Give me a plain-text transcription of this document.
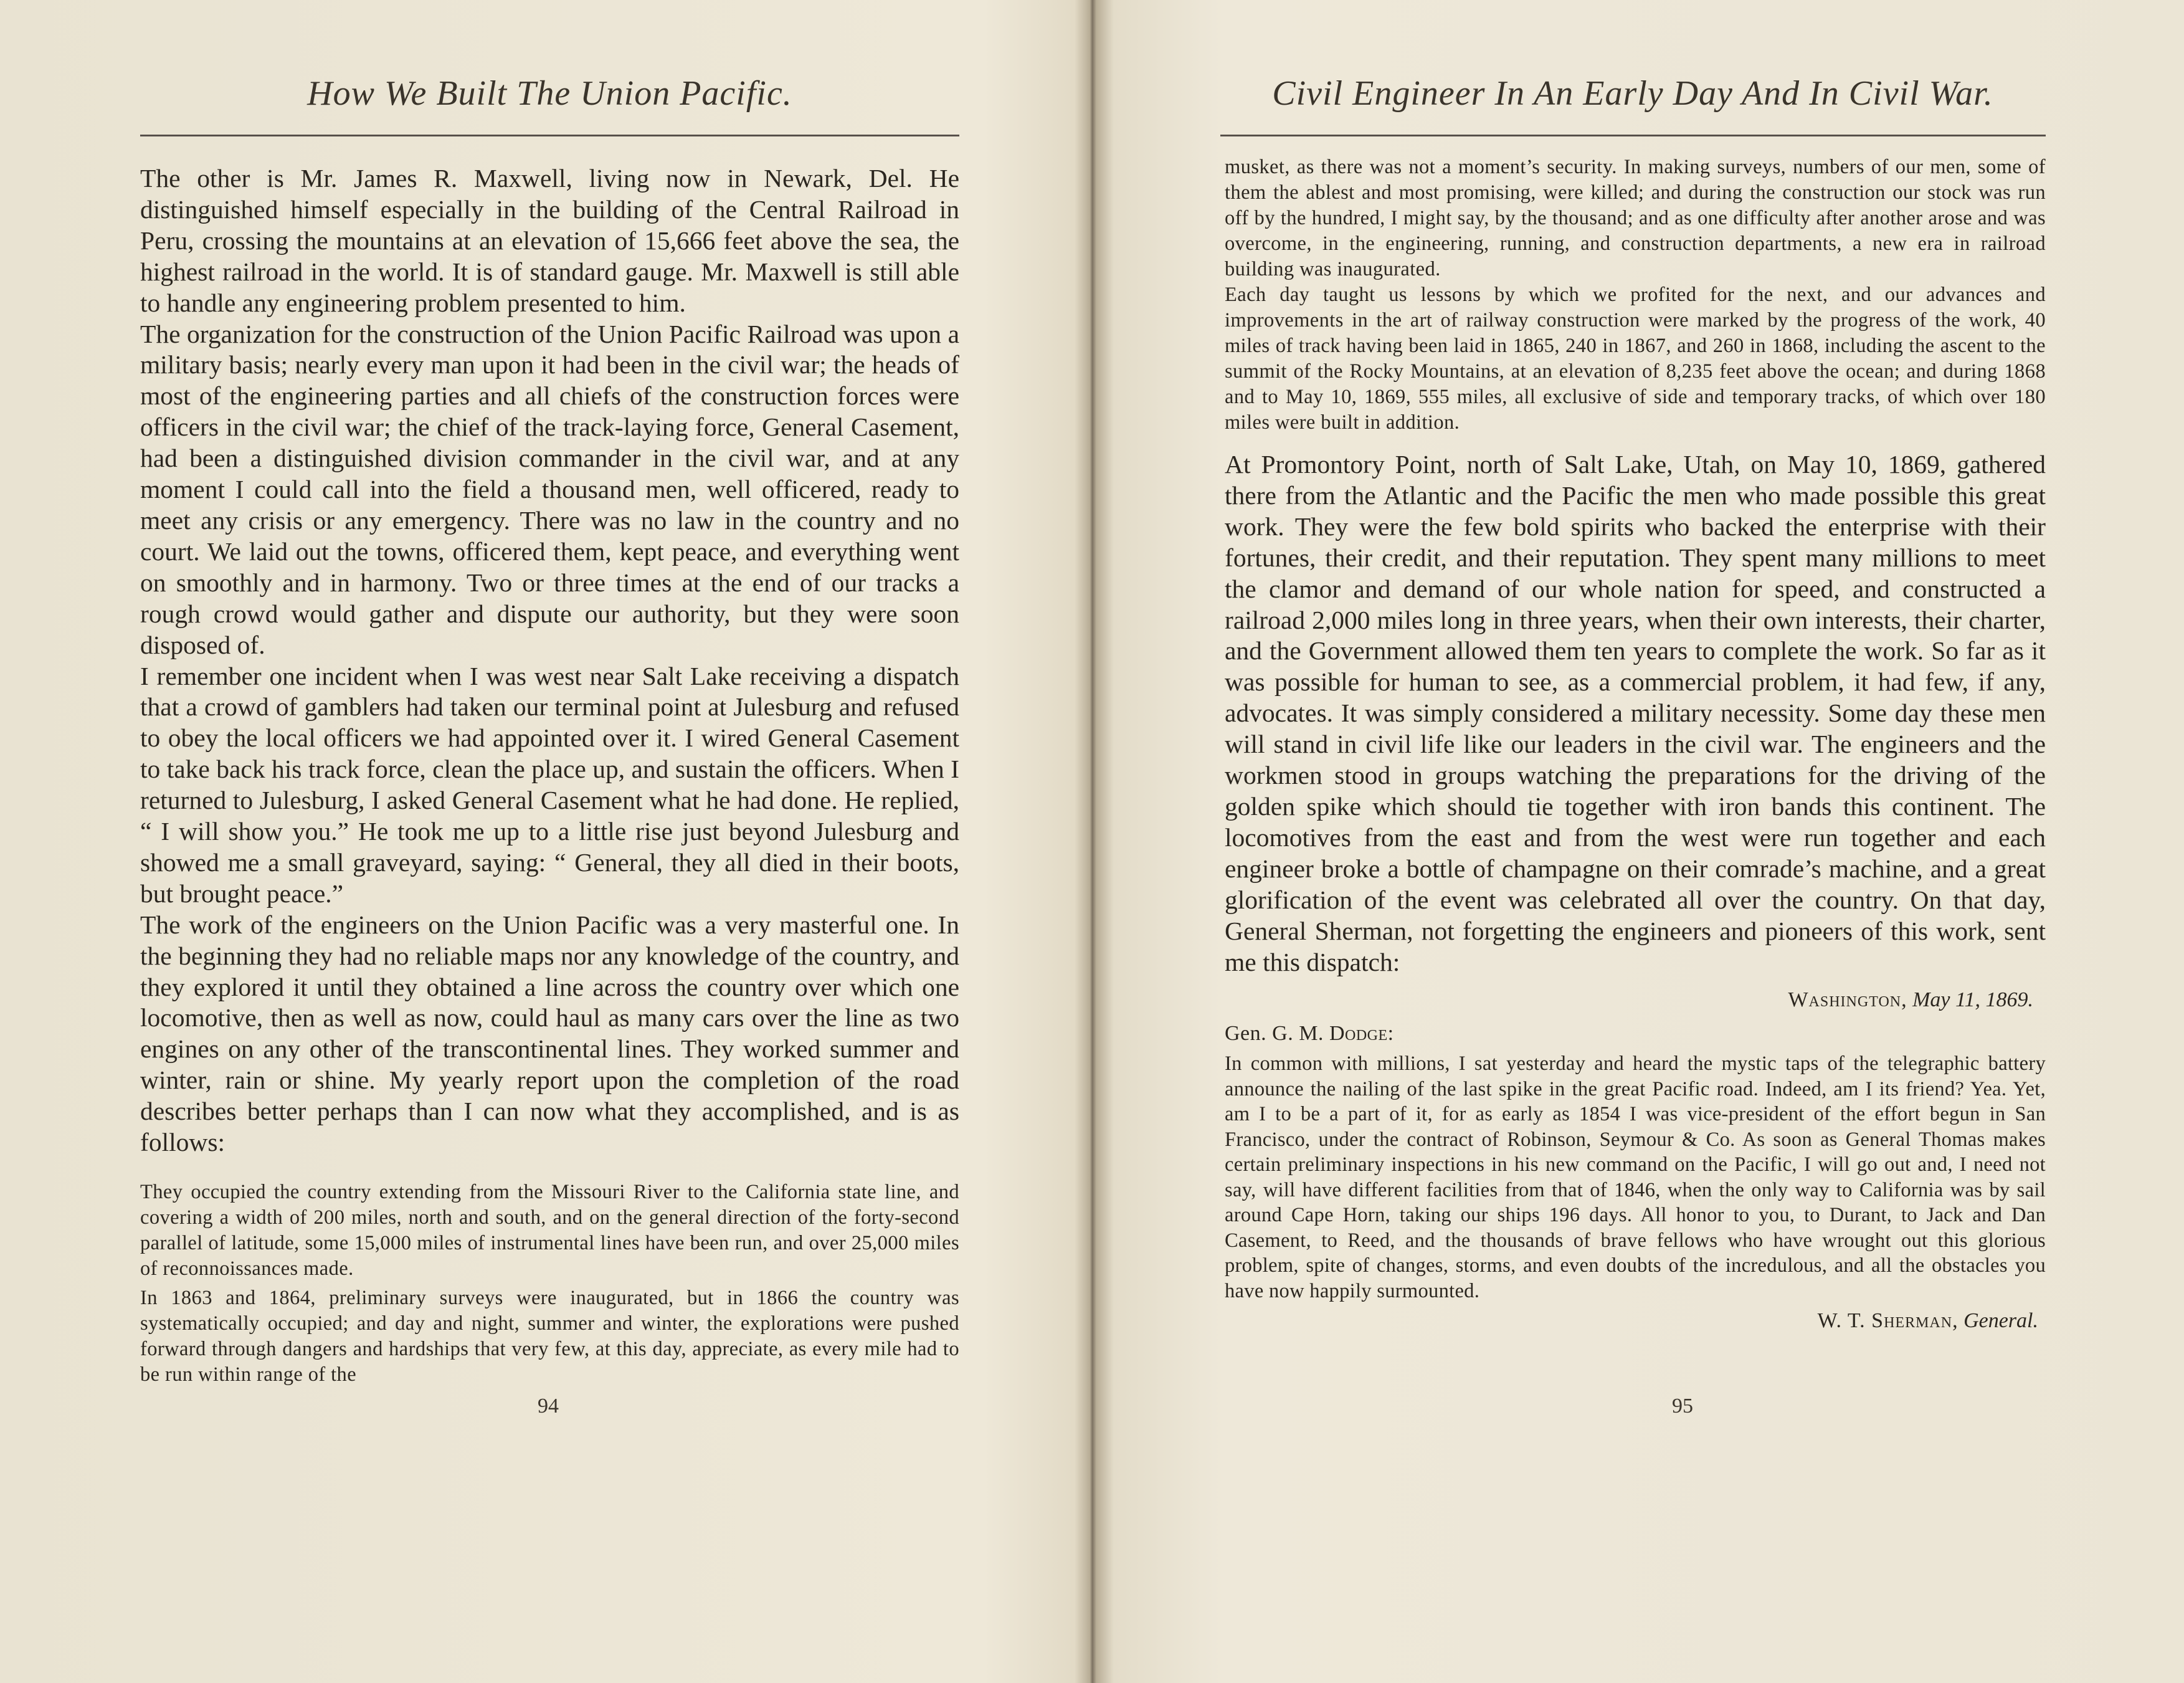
How We Built The Union Pacific.

The other is Mr. James R. Maxwell, living now in Newark, Del. He distinguished himself especially in the building of the Central Railroad in Peru, crossing the mountains at an elevation of 15,666 feet above the sea, the highest railroad in the world. It is of standard gauge. Mr. Maxwell is still able to handle any engineering problem presented to him.

The organization for the construction of the Union Pacific Railroad was upon a military basis; nearly every man upon it had been in the civil war; the heads of most of the engineering parties and all chiefs of the construction forces were officers in the civil war; the chief of the track-laying force, General Casement, had been a distinguished division commander in the civil war, and at any moment I could call into the field a thousand men, well officered, ready to meet any crisis or any emergency. There was no law in the country and no court. We laid out the towns, officered them, kept peace, and everything went on smoothly and in harmony. Two or three times at the end of our tracks a rough crowd would gather and dispute our authority, but they were soon disposed of.

I remember one incident when I was west near Salt Lake receiving a dispatch that a crowd of gamblers had taken our terminal point at Julesburg and refused to obey the local officers we had appointed over it. I wired General Casement to take back his track force, clean the place up, and sustain the officers. When I returned to Julesburg, I asked General Casement what he had done. He replied, “ I will show you.” He took me up to a little rise just beyond Julesburg and showed me a small graveyard, saying: “ General, they all died in their boots, but brought peace.”

The work of the engineers on the Union Pacific was a very masterful one. In the beginning they had no reliable maps nor any knowledge of the country, and they explored it until they obtained a line across the country over which one locomotive, then as well as now, could haul as many cars over the line as two engines on any other of the transcontinental lines. They worked summer and winter, rain or shine. My yearly report upon the completion of the road describes better perhaps than I can now what they accomplished, and is as follows:

They occupied the country extending from the Missouri River to the California state line, and covering a width of 200 miles, north and south, and on the general direction of the forty-second parallel of latitude, some 15,000 miles of instrumental lines have been run, and over 25,000 miles of reconnoissances made.

In 1863 and 1864, preliminary surveys were inaugurated, but in 1866 the country was systematically occupied; and day and night, summer and winter, the explorations were pushed forward through dangers and hardships that very few, at this day, appreciate, as every mile had to be run within range of the

94
Civil Engineer In An Early Day And In Civil War.

musket, as there was not a moment’s security. In making surveys, numbers of our men, some of them the ablest and most promising, were killed; and during the construction our stock was run off by the hundred, I might say, by the thousand; and as one difficulty after another arose and was overcome, in the engineering, running, and construction departments, a new era in railroad building was inaugurated.

Each day taught us lessons by which we profited for the next, and our advances and improvements in the art of railway construction were marked by the progress of the work, 40 miles of track having been laid in 1865, 240 in 1867, and 260 in 1868, including the ascent to the summit of the Rocky Mountains, at an elevation of 8,235 feet above the ocean; and during 1868 and to May 10, 1869, 555 miles, all exclusive of side and temporary tracks, of which over 180 miles were built in addition.

At Promontory Point, north of Salt Lake, Utah, on May 10, 1869, gathered there from the Atlantic and the Pacific the men who made possible this great work. They were the few bold spirits who backed the enterprise with their fortunes, their credit, and their reputation. They spent many millions to meet the clamor and demand of our whole nation for speed, and constructed a railroad 2,000 miles long in three years, when their own interests, their charter, and the Government allowed them ten years to complete the work. So far as it was possible for human to see, as a commercial problem, it had few, if any, advocates. It was simply considered a military necessity. Some day these men will stand in civil life like our leaders in the civil war. The engineers and the workmen stood in groups watching the preparations for the driving of the golden spike which should tie together with iron bands this continent. The locomotives from the east and from the west were run together and each engineer broke a bottle of champagne on their comrade’s machine, and a great glorification of the event was celebrated all over the country. On that day, General Sherman, not forgetting the engineers and pioneers of this work, sent me this dispatch:

Washington, May 11, 1869.

Gen. G. M. Dodge:

In common with millions, I sat yesterday and heard the mystic taps of the telegraphic battery announce the nailing of the last spike in the great Pacific road. Indeed, am I its friend? Yea. Yet, am I to be a part of it, for as early as 1854 I was vice-president of the effort begun in San Francisco, under the contract of Robinson, Seymour & Co. As soon as General Thomas makes certain preliminary inspections in his new command on the Pacific, I will go out and, I need not say, will have different facilities from that of 1846, when the only way to California was by sail around Cape Horn, taking our ships 196 days. All honor to you, to Durant, to Jack and Dan Casement, to Reed, and the thousands of brave fellows who have wrought out this glorious problem, spite of changes, storms, and even doubts of the incredulous, and all the obstacles you have now happily surmounted.

W. T. Sherman, General.

95
